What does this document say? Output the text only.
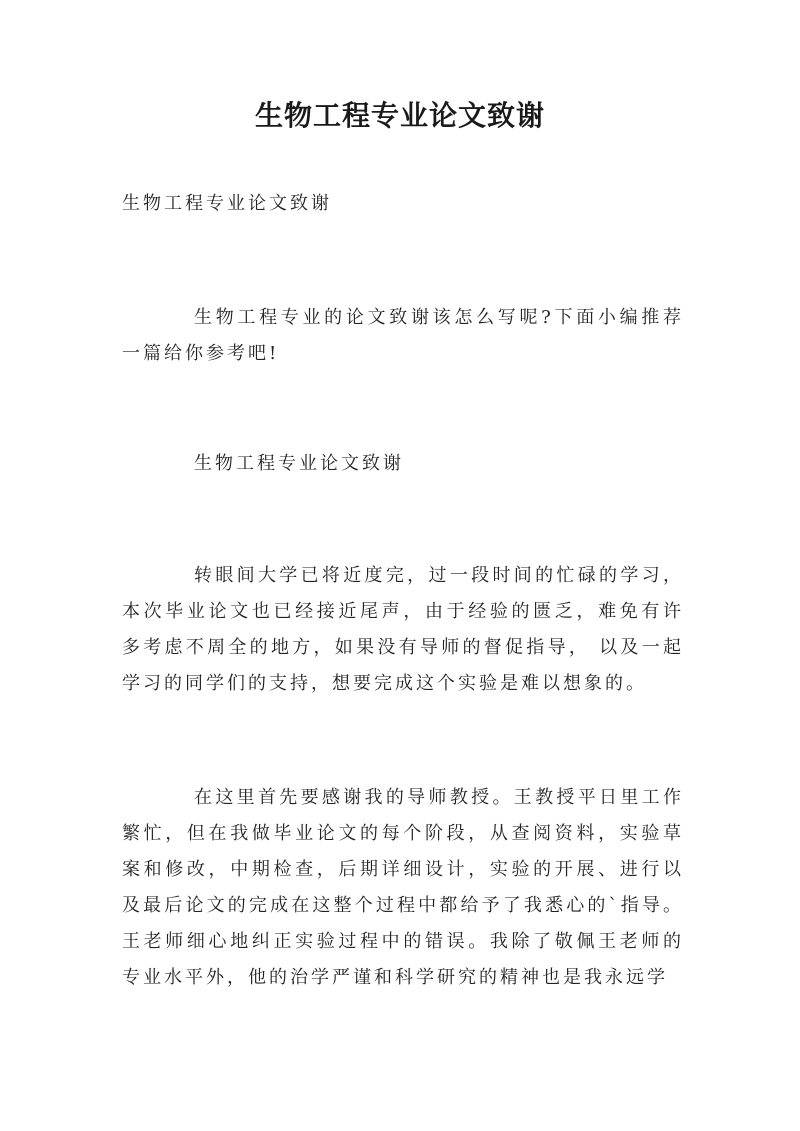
生物工程专业论文致谢
生物工程专业论文致谢

生物工程专业的论文致谢该怎么写呢?下面小编推荐一篇给你参考吧!

生物工程专业论文致谢

转眼间大学已将近度完，过一段时间的忙碌的学习，本次毕业论文也已经接近尾声，由于经验的匮乏，难免有许多考虑不周全的地方，如果没有导师的督促指导， 以及一起学习的同学们的支持，想要完成这个实验是难以想象的。

在这里首先要感谢我的导师教授。王教授平日里工作繁忙，但在我做毕业论文的每个阶段，从查阅资料，实验草案和修改，中期检查，后期详细设计，实验的开展、进行以及最后论文的完成在这整个过程中都给予了我悉心的`指导。王老师细心地纠正实验过程中的错误。我除了敬佩王老师的专业水平外，他的治学严谨和科学研究的精神也是我永远学
